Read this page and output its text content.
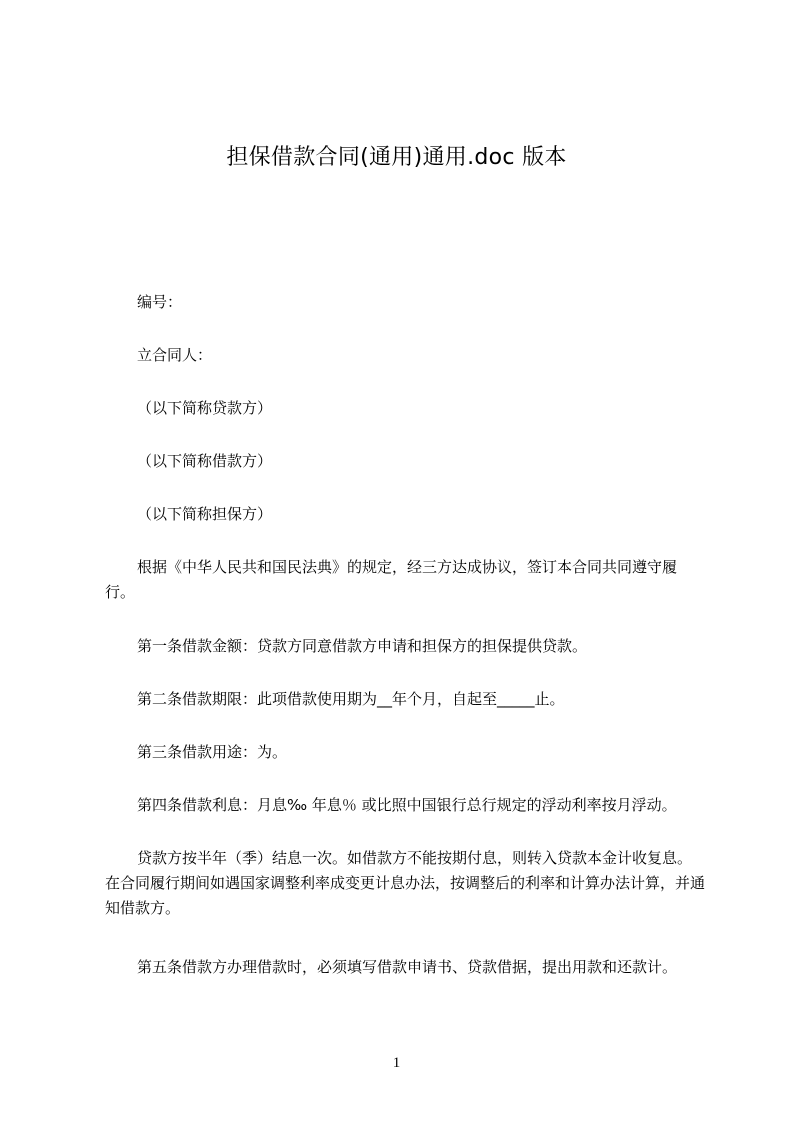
担保借款合同(通用)通用.doc 版本
编号：
立合同人：
（以下简称贷款方）
（以下简称借款方）
（以下简称担保方）
根据《中华人民共和国民法典》的规定，经三方达成协议，签订本合同共同遵守履行。
第一条借款金额：贷款方同意借款方申请和担保方的担保提供贷款。
第二条借款期限：此项借款使用期为__年个月，自起至_____止。
第三条借款用途：为。
第四条借款利息：月息‰ 年息％ 或比照中国银行总行规定的浮动利率按月浮动。
贷款方按半年（季）结息一次。如借款方不能按期付息，则转入贷款本金计收复息。在合同履行期间如遇国家调整利率成变更计息办法，按调整后的利率和计算办法计算，并通知借款方。
第五条借款方办理借款时，必须填写借款申请书、贷款借据，提出用款和还款计。
1
